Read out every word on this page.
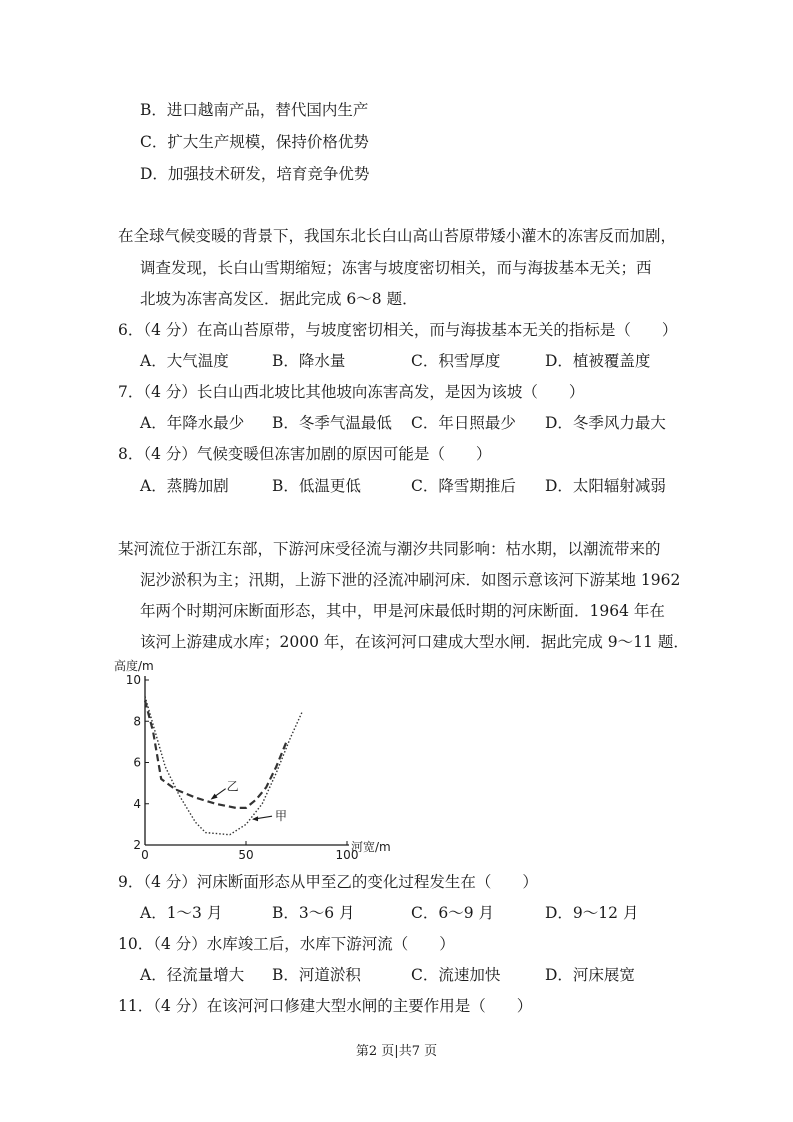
B．进口越南产品，替代国内生产
C．扩大生产规模，保持价格优势
D．加强技术研发，培育竞争优势
在全球气候变暖的背景下，我国东北长白山高山苔原带矮小灌木的冻害反而加剧，
调查发现，长白山雪期缩短；冻害与坡度密切相关，而与海拔基本无关；西
北坡为冻害高发区．据此完成 6～8 题．
6．（4 分）在高山苔原带，与坡度密切相关，而与海拔基本无关的指标是（　　）
A．大气温度	B．降水量	C．积雪厚度	D．植被覆盖度
7．（4 分）长白山西北坡比其他坡向冻害高发，是因为该坡（　　）
A．年降水最少 B．冬季气温最低 C．年日照最少 D．冬季风力最大
8．（4 分）气候变暖但冻害加剧的原因可能是（　　）
A．蒸腾加剧	B．低温更低	C．降雪期推后 D．太阳辐射减弱
某河流位于浙江东部，下游河床受径流与潮汐共同影响：枯水期，以潮流带来的
泥沙淤积为主；汛期，上游下泄的泾流冲刷河床．如图示意该河下游某地 1962
年两个时期河床断面形态，其中，甲是河床最低时期的河床断面．1964 年在
该河上游建成水库；2000 年，在该河河口建成大型水闸．据此完成 9～11 题．
2
4
6
8
10
0	50	100
高度/m
河宽/m
甲
乙
9．（4 分）河床断面形态从甲至乙的变化过程发生在（　　）
A．1～3 月	B．3～6 月	C．6～9 月	D．9～12 月
10．（4 分）水库竣工后，水库下游河流（　　）
A．径流量增大 B．河道淤积	C．流速加快	D．河床展宽
11．（4 分）在该河河口修建大型水闸的主要作用是（　　）
第2 页|共7 页
